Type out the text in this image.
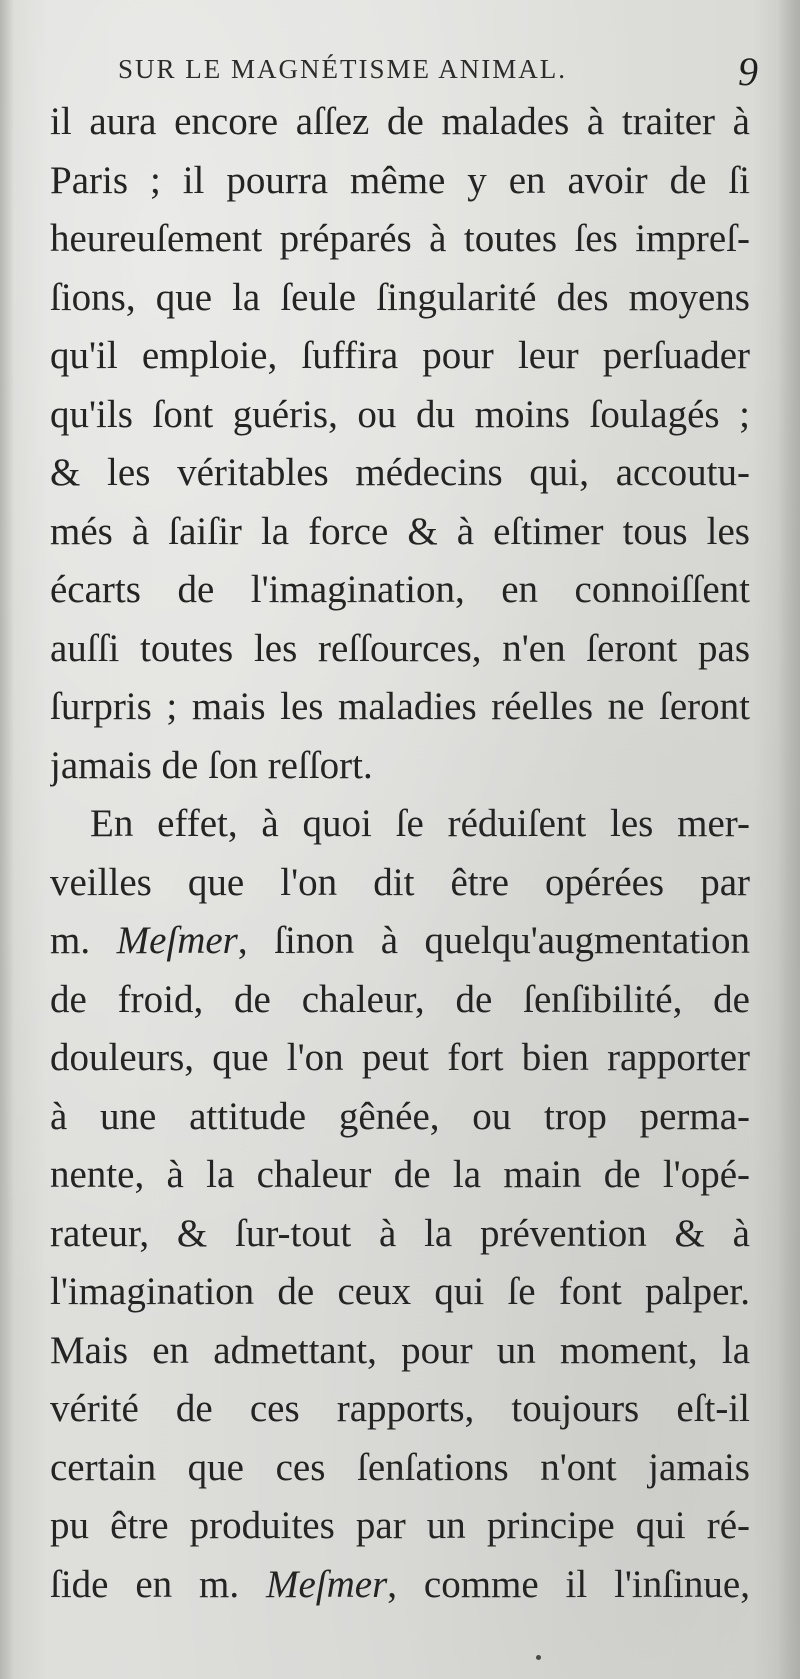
SUR LE MAGNÉTISME ANIMAL.	9
il aura encore aſſez de malades à traiter à
Paris ; il pourra même y en avoir de ſi
heureuſement préparés à toutes ſes impreſ-
ſions, que la ſeule ſingularité des moyens
qu'il emploie, ſuffira pour leur perſuader
qu'ils ſont guéris, ou du moins ſoulagés ;
& les véritables médecins qui, accoutu-
més à ſaiſir la force & à eſtimer tous les
écarts de l'imagination, en connoiſſent
auſſi toutes les reſſources, n'en ſeront pas
ſurpris ; mais les maladies réelles ne ſeront
jamais de ſon reſſort.
En effet, à quoi ſe réduiſent les mer-
veilles que l'on dit être opérées par
m. Meſmer, ſinon à quelqu'augmentation
de froid, de chaleur, de ſenſibilité, de
douleurs, que l'on peut fort bien rapporter
à une attitude gênée, ou trop perma-
nente, à la chaleur de la main de l'opé-
rateur, & ſur-tout à la prévention & à
l'imagination de ceux qui ſe font palper.
Mais en admettant, pour un moment, la
vérité de ces rapports, toujours eſt-il
certain que ces ſenſations n'ont jamais
pu être produites par un principe qui ré-
ſide en m. Meſmer, comme il l'inſinue,
